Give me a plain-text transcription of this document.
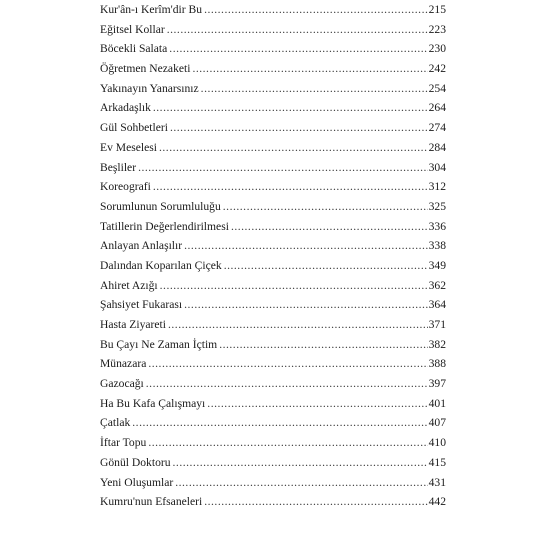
Kur'ân-ı Kerîm'dir Bu .....	215
Eğitsel Kollar .....	223
Böcekli Salata .....	230
Öğretmen Nezaketi .....	242
Yakınayın Yanarsınız .....	254
Arkadaşlık .....	264
Gül Sohbetleri .....	274
Ev Meselesi .....	284
Beşliler .....	304
Koreografi .....	312
Sorumlunun Sorumluluğu .....	325
Tatillerin Değerlendirilmesi .....	336
Anlayan Anlaşılır .....	338
Dalından Koparılan Çiçek .....	349
Ahiret Azığı .....	362
Şahsiyet Fukarası .....	364
Hasta Ziyareti .....	371
Bu Çayı Ne Zaman İçtim .....	382
Münazara .....	388
Gazocağı .....	397
Ha Bu Kafa Çalışmayı .....	401
Çatlak .....	407
İftar Topu .....	410
Gönül Doktoru .....	415
Yeni Oluşumlar .....	431
Kumru'nun Efsaneleri .....	442
